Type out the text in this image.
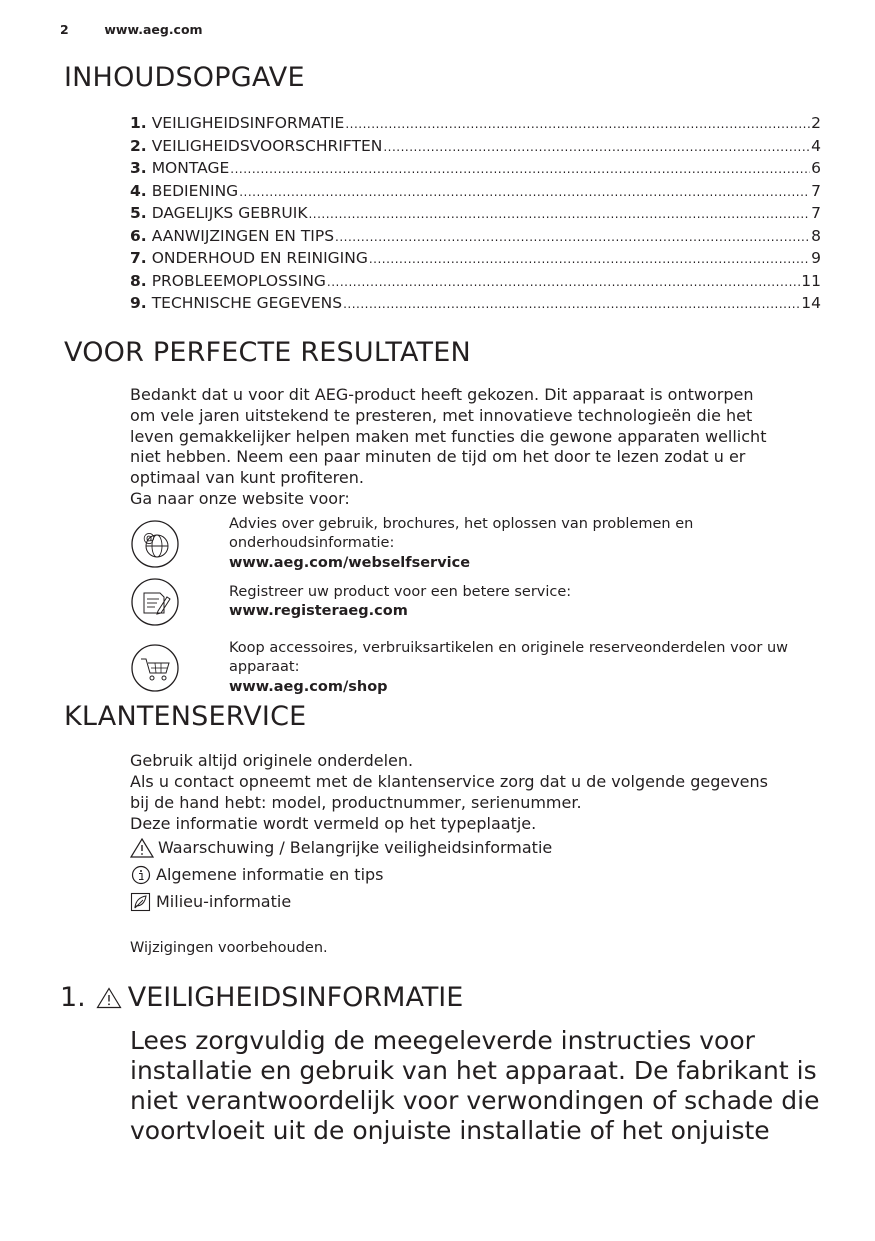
2	www.aeg.com
INHOUDSOPGAVE
1. VEILIGHEIDSINFORMATIE .....	2
2. VEILIGHEIDSVOORSCHRIFTEN .....	4
3. MONTAGE .....	6
4. BEDIENING .....	7
5. DAGELIJKS GEBRUIK .....	7
6. AANWIJZINGEN EN TIPS .....	8
7. ONDERHOUD EN REINIGING .....	9
8. PROBLEEMOPLOSSING .....	11
9. TECHNISCHE GEGEVENS .....	14
VOOR PERFECTE RESULTATEN
Bedankt dat u voor dit AEG-product heeft gekozen. Dit apparaat is ontworpen
om vele jaren uitstekend te presteren, met innovatieve technologieën die het
leven gemakkelijker helpen maken met functies die gewone apparaten wellicht
niet hebben. Neem een paar minuten de tijd om het door te lezen zodat u er
optimaal van kunt profiteren.
Ga naar onze website voor:
@
Advies over gebruik, brochures, het oplossen van problemen en
onderhoudsinformatie:
www.aeg.com/webselfservice
Registreer uw product voor een betere service:
www.registeraeg.com
Koop accessoires, verbruiksartikelen en originele reserveonderdelen voor uw
apparaat:
www.aeg.com/shop
KLANTENSERVICE
Gebruik altijd originele onderdelen.
Als u contact opneemt met de klantenservice zorg dat u de volgende gegevens
bij de hand hebt: model, productnummer, serienummer.
Deze informatie wordt vermeld op het typeplaatje.
Waarschuwing / Belangrijke veiligheidsinformatie
Algemene informatie en tips
Milieu-informatie
Wijzigingen voorbehouden.
1. VEILIGHEIDSINFORMATIE
Lees zorgvuldig de meegeleverde instructies voor
installatie en gebruik van het apparaat. De fabrikant is
niet verantwoordelijk voor verwondingen of schade die
voortvloeit uit de onjuiste installatie of het onjuiste
